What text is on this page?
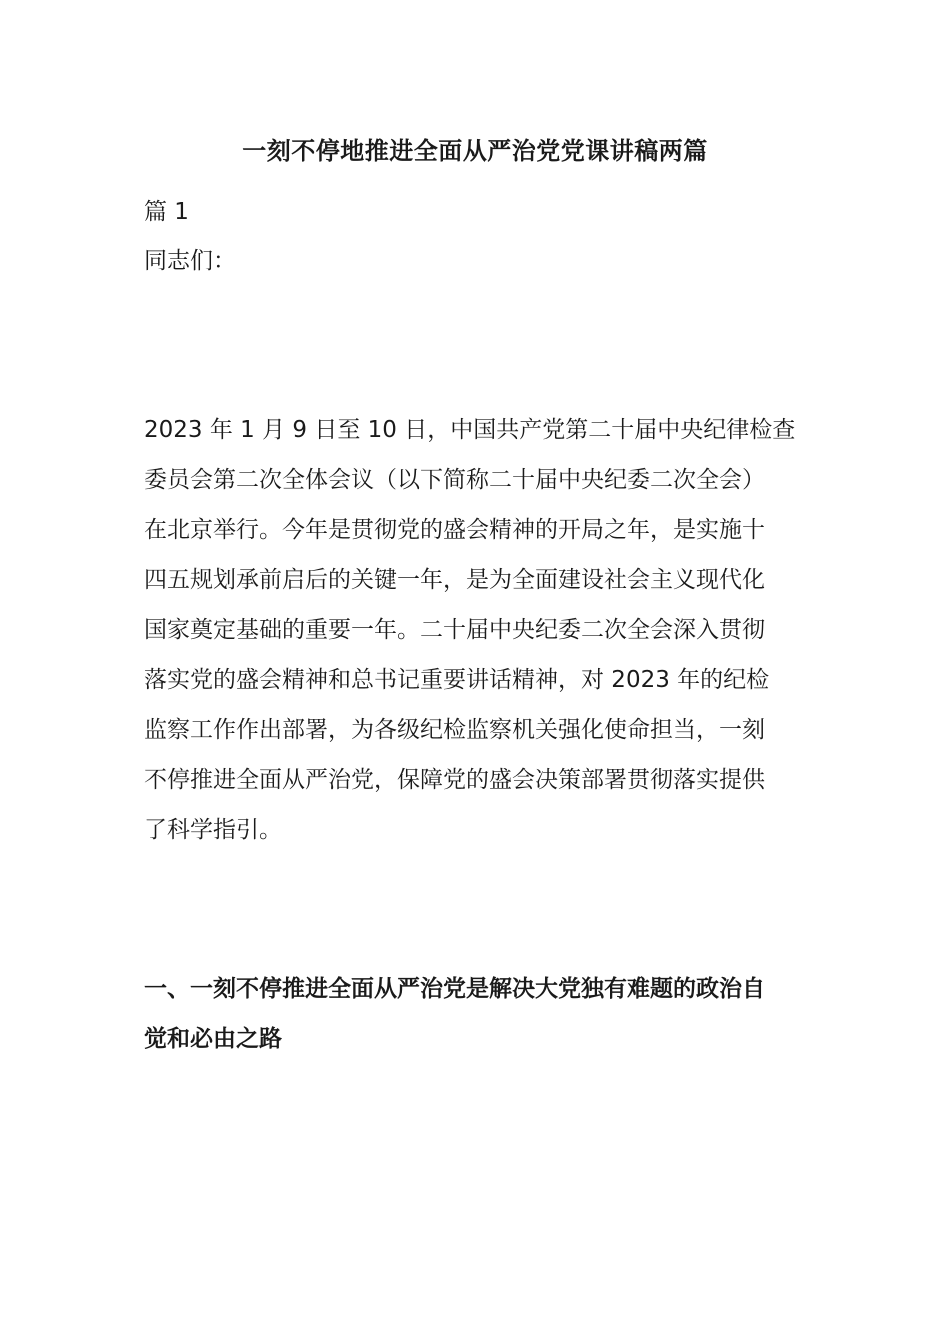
一刻不停地推进全面从严治党党课讲稿两篇

篇 1

同志们：

2023 年 1 月 9 日至 10 日，中国共产党第二十届中央纪律检查
委员会第二次全体会议（以下简称二十届中央纪委二次全会）
在北京举行。今年是贯彻党的盛会精神的开局之年，是实施十
四五规划承前启后的关键一年，是为全面建设社会主义现代化
国家奠定基础的重要一年。二十届中央纪委二次全会深入贯彻
落实党的盛会精神和总书记重要讲话精神，对 2023 年的纪检
监察工作作出部署，为各级纪检监察机关强化使命担当，一刻
不停推进全面从严治党，保障党的盛会决策部署贯彻落实提供
了科学指引。
一、一刻不停推进全面从严治党是解决大党独有难题的政治自
觉和必由之路
